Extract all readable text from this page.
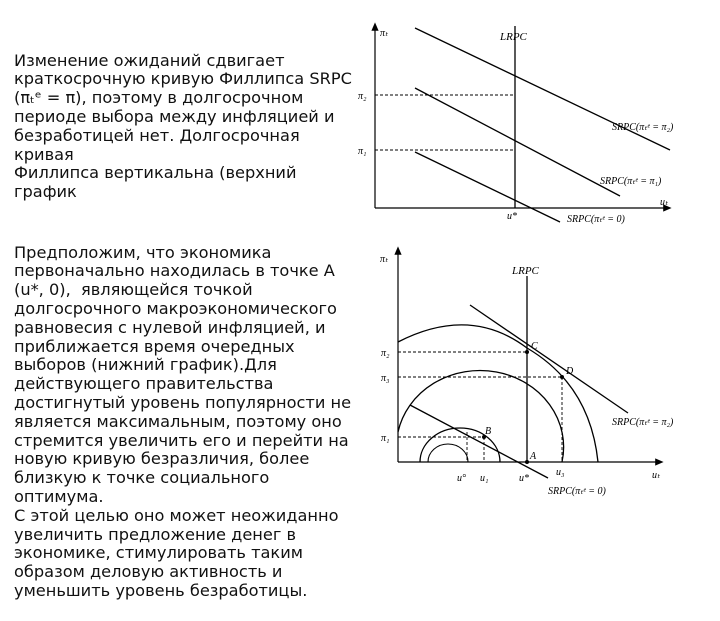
Изменение ожиданий сдвигает
краткосрочную кривую Филлипса SRPC
(πₜᵉ = π), поэтому в долгосрочном
периоде выбора между инфляцией и
безработицей нет. Долгосрочная кривая
Филлипса вертикальна (верхний график

Предположим, что экономика
первоначально находилась в точке A
(u*, 0),  являющейся точкой
долгосрочного макроэкономического
равновесия с нулевой инфляцией, и
приближается время очередных
выборов (нижний график).Для
действующего правительства
достигнутый уровень популярности не
является максимальным, поэтому оно
стремится увеличить его и перейти на
новую кривую безразличия, более
близкую к точке социального оптимума.
С этой целью оно может неожиданно
увеличить предложение денег в
экономике, стимулировать таким
образом деловую активность и
уменьшить уровень безработицы.

πₜ	LRPC
π₂
π₁
u*
uₜ
SRPC(πₜᵉ = π₂)
SRPC(πₜᵉ = π₁)
SRPC(πₜᵉ = 0)
πₜ
LRPC
π₂
π₃
π₁
C
D
B
A
u° u₁	u*
u₃	uₜ
SRPC(πₜᵉ = π₂)
SRPC(πₜᵉ = 0)
